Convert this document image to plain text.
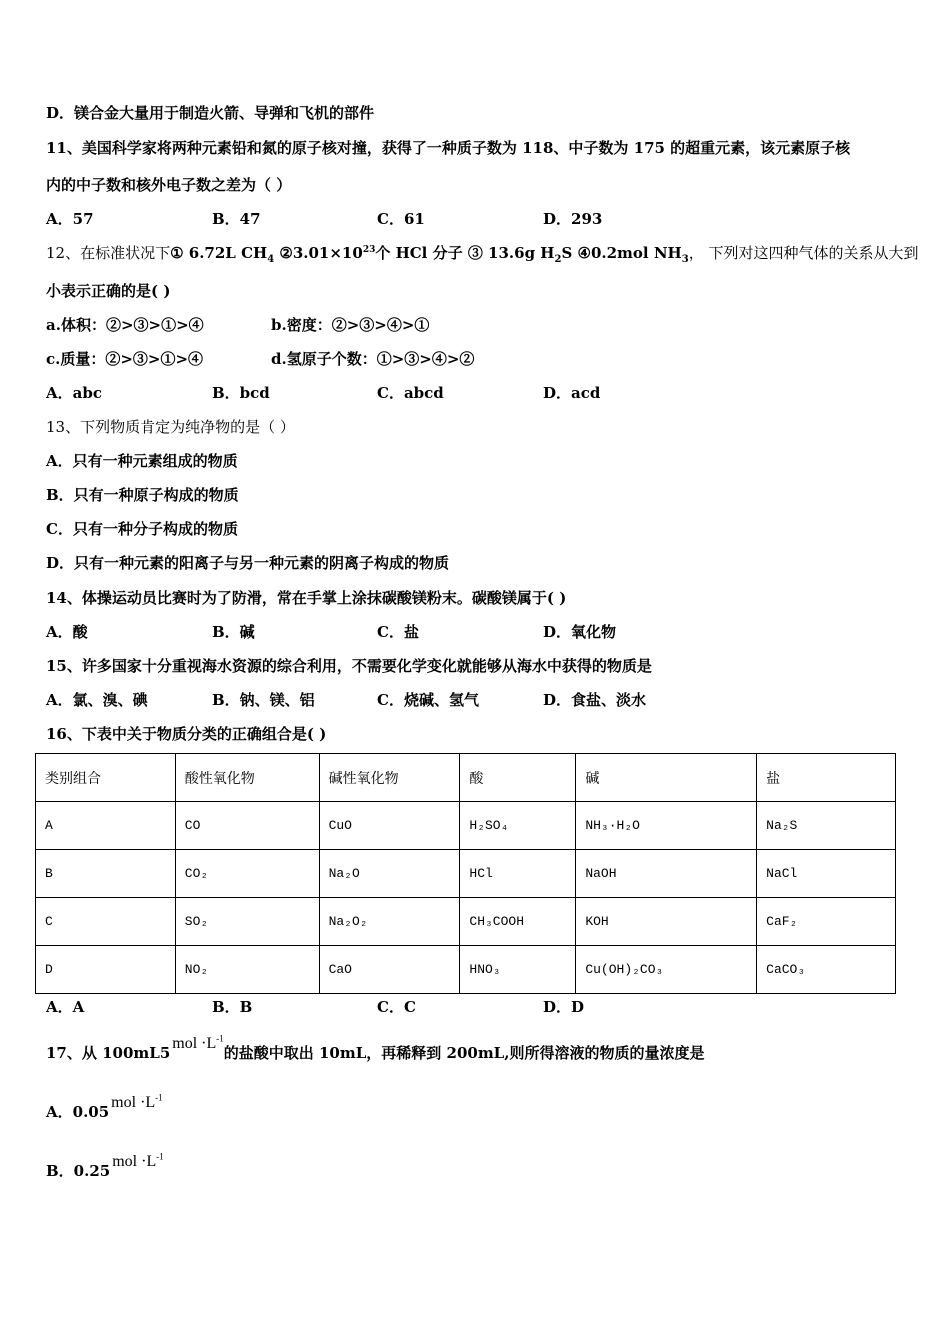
D．镁合金大量用于制造火箭、导弹和飞机的部件
11、美国科学家将两种元素铅和氮的原子核对撞，获得了一种质子数为 118、中子数为 175 的超重元素，该元素原子核
内的中子数和核外电子数之差为（ ）
A．57	B．47	C．61	D．293
12、在标准状况下① 6.72L $CH_4$ $②3.01\times 10^{23}$个 HCl 分子 ③ 13.6g $H_2S$ ④0.2mol $NH_3$， 下列对这四种气体的关系从大到
小表示正确的是( )
a.体积：②>③>①>④	b.密度：②>③>④>①
c.质量：②>③>①>④	d.氢原子个数：①>③>④>②
A．abc	B．bcd	C．abcd	D．acd
13、下列物质肯定为纯净物的是（ ）
A．只有一种元素组成的物质
B．只有一种原子构成的物质
C．只有一种分子构成的物质
D．只有一种元素的阳离子与另一种元素的阴离子构成的物质
14、体操运动员比赛时为了防滑，常在手掌上涂抹碳酸镁粉末。碳酸镁属于( )
A．酸	B．碱	C．盐	D．氧化物
15、许多国家十分重视海水资源的综合利用，不需要化学变化就能够从海水中获得的物质是
A．氯、溴、碘	B．钠、镁、铝	C．烧碱、氢气	D．食盐、淡水
16、下表中关于物质分类的正确组合是( )
类别组合	酸性氧化物	碱性氧化物	酸	碱	盐
A	CO	CuO	H₂SO₄	NH₃·H₂O	Na₂S
B	CO₂	Na₂O	HCl	NaOH	NaCl
C	SO₂	Na₂O₂	CH₃COOH	KOH	CaF₂
D	NO₂	CaO	HNO₃	Cu(OH)₂CO₃	CaCO₃
A．A	B．B	C．C	D．D
17、从 $100mL5mol \cdot L^{-1}$的盐酸中取出 10mL，再稀释到 200mL,则所得溶液的物质的量浓度是
A．$0.05mol \cdot L^{-1}$
B．$0.25mol \cdot L^{-1}$
